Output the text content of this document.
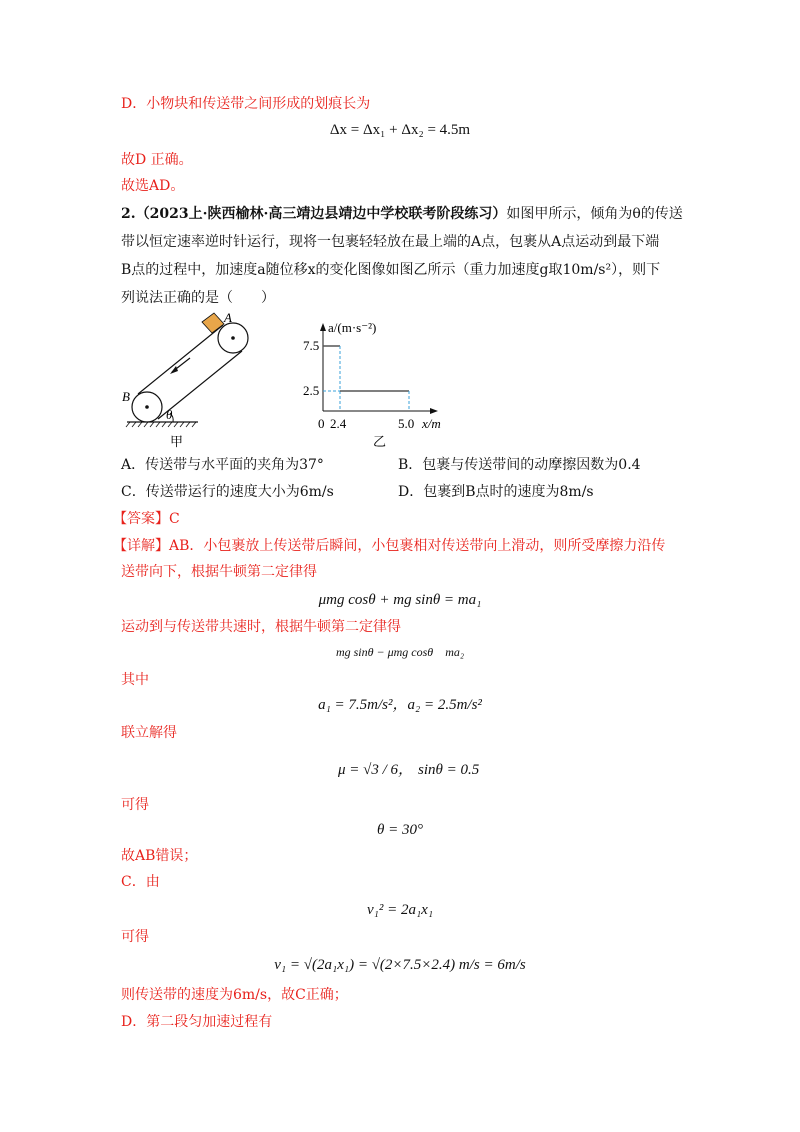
D．小物块和传送带之间形成的划痕长为
Δx = Δx₁ + Δx₂ = 4.5m
故D 正确。
故选AD。
2.（2023上·陕西榆林·高三靖边县靖边中学校联考阶段练习）如图甲所示，倾角为θ的传送
带以恒定速率逆时针运行，现将一包裹轻轻放在最上端的A点，包裹从A点运动到最下端
B点的过程中，加速度a随位移x的变化图像如图乙所示（重力加速度g取10m/s²），则下
列说法正确的是（　　）
A
B
θ
甲
a/(m·s⁻²)
7.5
2.5
0 2.4	5.0 x/m
乙
A．传送带与水平面的夹角为37°	B．包裹与传送带间的动摩擦因数为0.4
C．传送带运行的速度大小为6m/s	D．包裹到B点时的速度为8m/s
【答案】C
【详解】AB．小包裹放上传送带后瞬间，小包裹相对传送带向上滑动，则所受摩擦力沿传
送带向下，根据牛顿第二定律得
μmg cosθ + mg sinθ = ma₁
运动到与传送带共速时，根据牛顿第二定律得
mg sinθ − μmg cosθ　ma₂
其中
a₁ = 7.5m/s²，a₂ = 2.5m/s²
联立解得
μ = √3 / 6， sinθ = 0.5
可得
θ = 30°
故AB错误；
C．由
v₁² = 2a₁x₁
可得
v₁ = √(2a₁x₁) = √(2×7.5×2.4) m/s = 6m/s
则传送带的速度为6m/s，故C正确；
D．第二段匀加速过程有
